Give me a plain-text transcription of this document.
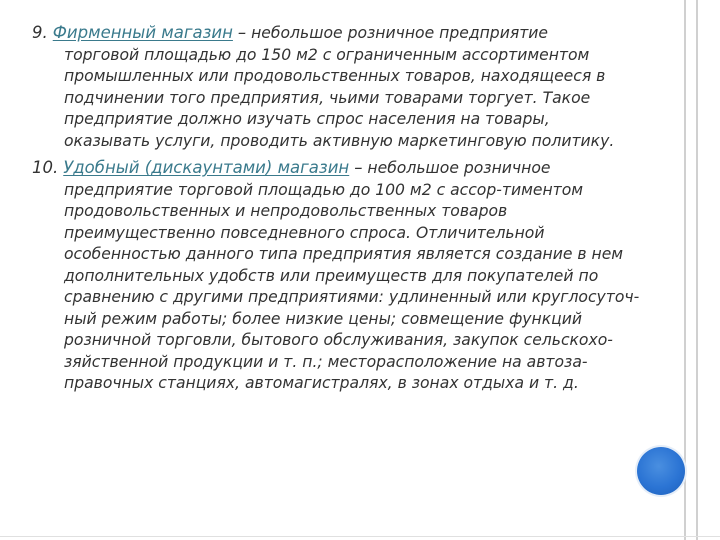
9. Фирменный магазин – небольшое розничное предприятие
торговой площадью до 150 м2 с ограниченным ассортиментом
промышленных или продовольственных товаров, находящееся в
подчинении того предприятия, чьими товарами торгует. Такое
предприятие должно изучать спрос населения на товары,
оказывать услуги, проводить активную маркетинговую политику.

10. Удобный (дискаунтами) магазин – небольшое розничное
предприятие торговой площадью до 100 м2 с ассор-тиментом
продовольственных и непродовольственных товаров
преимущественно повседневного спроса. Отличительной
особенностью данного типа предприятия является создание в нем
дополнительных удобств или преимуществ для покупателей по
сравнению с другими предприятиями: удлиненный или круглосуточ-
ный режим работы; более низкие цены; совмещение функций
розничной торговли, бытового обслуживания, закупок сельскохо-
зяйственной продукции и т. п.; месторасположение на автоза-
правочных станциях, автомагистралях, в зонах отдыха и т. д.
